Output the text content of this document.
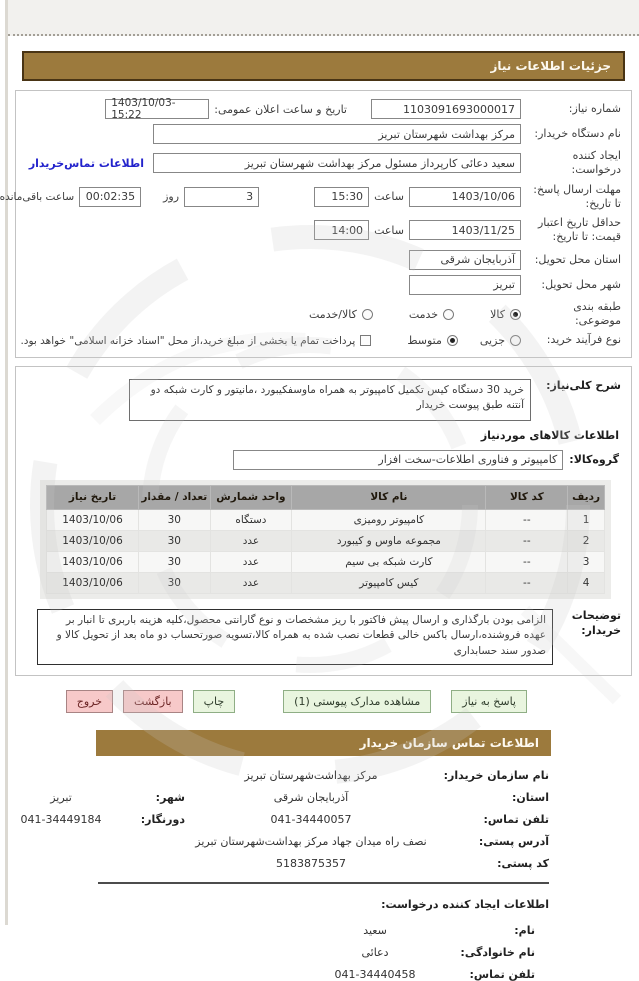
جزئیات اطلاعات نیاز
شماره نیاز:
1103091693000017
تاریخ و ساعت اعلان عمومی:
1403/10/03- 15:22
نام دستگاه خریدار:
مرکز بهداشت شهرستان تبریز
ایجاد کننده درخواست:
سعید دعائی کارپرداز مسئول مرکز بهداشت شهرستان تبریز
اطلاعات تماس‌خریدار
مهلت ارسال پاسخ: تا تاریخ:
1403/10/06
ساعت
15:30
3
روز
00:02:35
ساعت باقی‌مانده
حداقل تاریخ اعتبار قیمت: تا تاریخ:
1403/11/25
ساعت
14:00
استان محل تحویل:
آذربایجان شرقی
شهر محل تحویل:
تبریز
طبقه بندی موضوعی:
کالا
خدمت
کالا/خدمت
نوع فرآیند خرید:
جزیی
متوسط
پرداخت تمام یا بخشی از مبلغ خرید،از محل "اسناد خزانه اسلامی" خواهد بود.
شرح کلی‌نیاز:
خرید 30 دستگاه کیس تکمیل کامپیوتر به همراه ماوسفکیبورد ،مانیتور و کارت شبکه دو آنتنه طبق پیوست خریدار
اطلاعات کالاهای موردنیاز
گروه‌کالا:
کامپیوتر و فناوری اطلاعات-سخت افزار
ردیف	کد کالا	نام کالا	واحد شمارش	تعداد / مقدار	تاریخ نیاز
1	--	کامپیوتر رومیزی	دستگاه	30	1403/10/06
2	--	مجموعه ماوس و کیبورد	عدد	30	1403/10/06
3	--	کارت شبکه بی سیم	عدد	30	1403/10/06
4	--	کیس کامپیوتر	عدد	30	1403/10/06
توضیحات خریدار:
الزامی بودن بارگذاری و ارسال پیش فاکتور با ریز مشخصات و نوع گارانتی محصول،کلیه هزینه باربری تا انبار بر عهده فروشنده،ارسال باکس خالی قطعات نصب شده به همراه کالا،تسویه صورتحساب دو ماه بعد از تحویل کالا و صدور سند حسابداری
پاسخ به نیاز
مشاهده مدارک پیوستی (1)
چاپ
بازگشت
خروج
اطلاعات تماس سازمان خریدار
نام سازمان خریدار:
مرکز بهداشت‌شهرستان تبریز
استان:
آذربایجان شرقی
شهر:
تبریز
تلفن تماس:
041-34440057
دورنگار:
041-34449184
آدرس پستی:
نصف راه میدان جهاد مرکز بهداشت‌شهرستان تبریز
کد پستی:
5183875357
اطلاعات ایجاد کننده درخواست:
نام:
سعید
نام خانوادگی:
دعائی
تلفن تماس:
041-34440458
